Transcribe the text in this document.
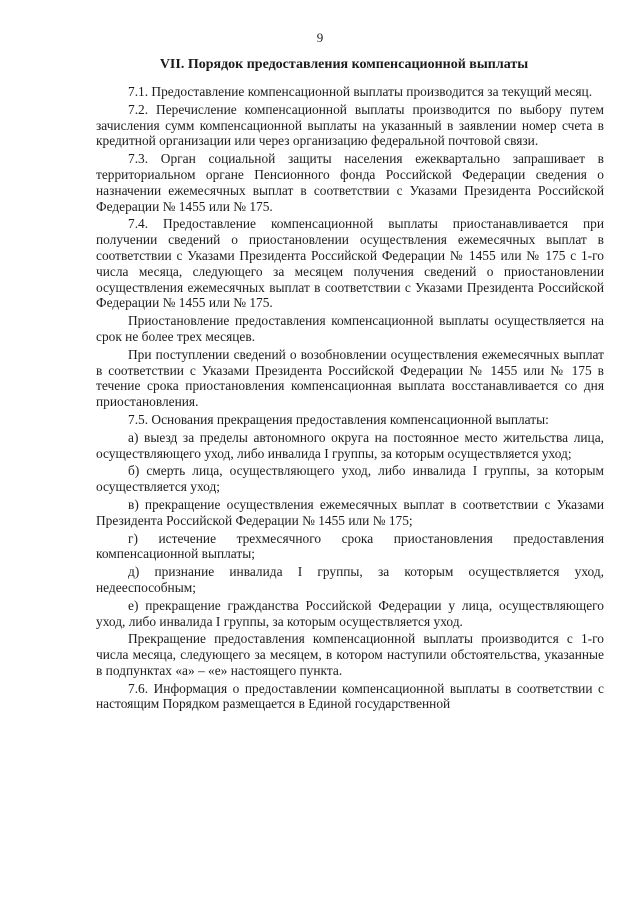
9
VII. Порядок предоставления компенсационной выплаты

7.1. Предоставление компенсационной выплаты производится за текущий месяц.

7.2. Перечисление компенсационной выплаты производится по выбору путем зачисления сумм компенсационной выплаты на указанный в заявлении номер счета в кредитной организации или через организацию федеральной почтовой связи.

7.3. Орган социальной защиты населения ежеквартально запрашивает в территориальном органе Пенсионного фонда Российской Федерации сведения о назначении ежемесячных выплат в соответствии с Указами Президента Российской Федерации № 1455 или № 175.

7.4. Предоставление компенсационной выплаты приостанавливается при получении сведений о приостановлении осуществления ежемесячных выплат в соответствии с Указами Президента Российской Федерации № 1455 или № 175 с 1-го числа месяца, следующего за месяцем получения сведений о приостановлении осуществления ежемесячных выплат в соответствии с Указами Президента Российской Федерации № 1455 или № 175.

Приостановление предоставления компенсационной выплаты осуществляется на срок не более трех месяцев.

При поступлении сведений о возобновлении осуществления ежемесячных выплат в соответствии с Указами Президента Российской Федерации № 1455 или № 175 в течение срока приостановления компенсационная выплата восстанавливается со дня приостановления.

7.5. Основания прекращения предоставления компенсационной выплаты:

а) выезд за пределы автономного округа на постоянное место жительства лица, осуществляющего уход, либо инвалида I группы, за которым осуществляется уход;

б) смерть лица, осуществляющего уход, либо инвалида I группы, за которым осуществляется уход;

в) прекращение осуществления ежемесячных выплат в соответствии с Указами Президента Российской Федерации № 1455 или № 175;

г) истечение трехмесячного срока приостановления предоставления компенсационной выплаты;

д) признание инвалида I группы, за которым осуществляется уход, недееспособным;

е) прекращение гражданства Российской Федерации у лица, осуществляющего уход, либо инвалида I группы, за которым осуществляется уход.

Прекращение предоставления компенсационной выплаты производится с 1-го числа месяца, следующего за месяцем, в котором наступили обстоятельства, указанные в подпунктах «а» – «е» настоящего пункта.

7.6. Информация о предоставлении компенсационной выплаты в соответствии с настоящим Порядком размещается в Единой государственной
